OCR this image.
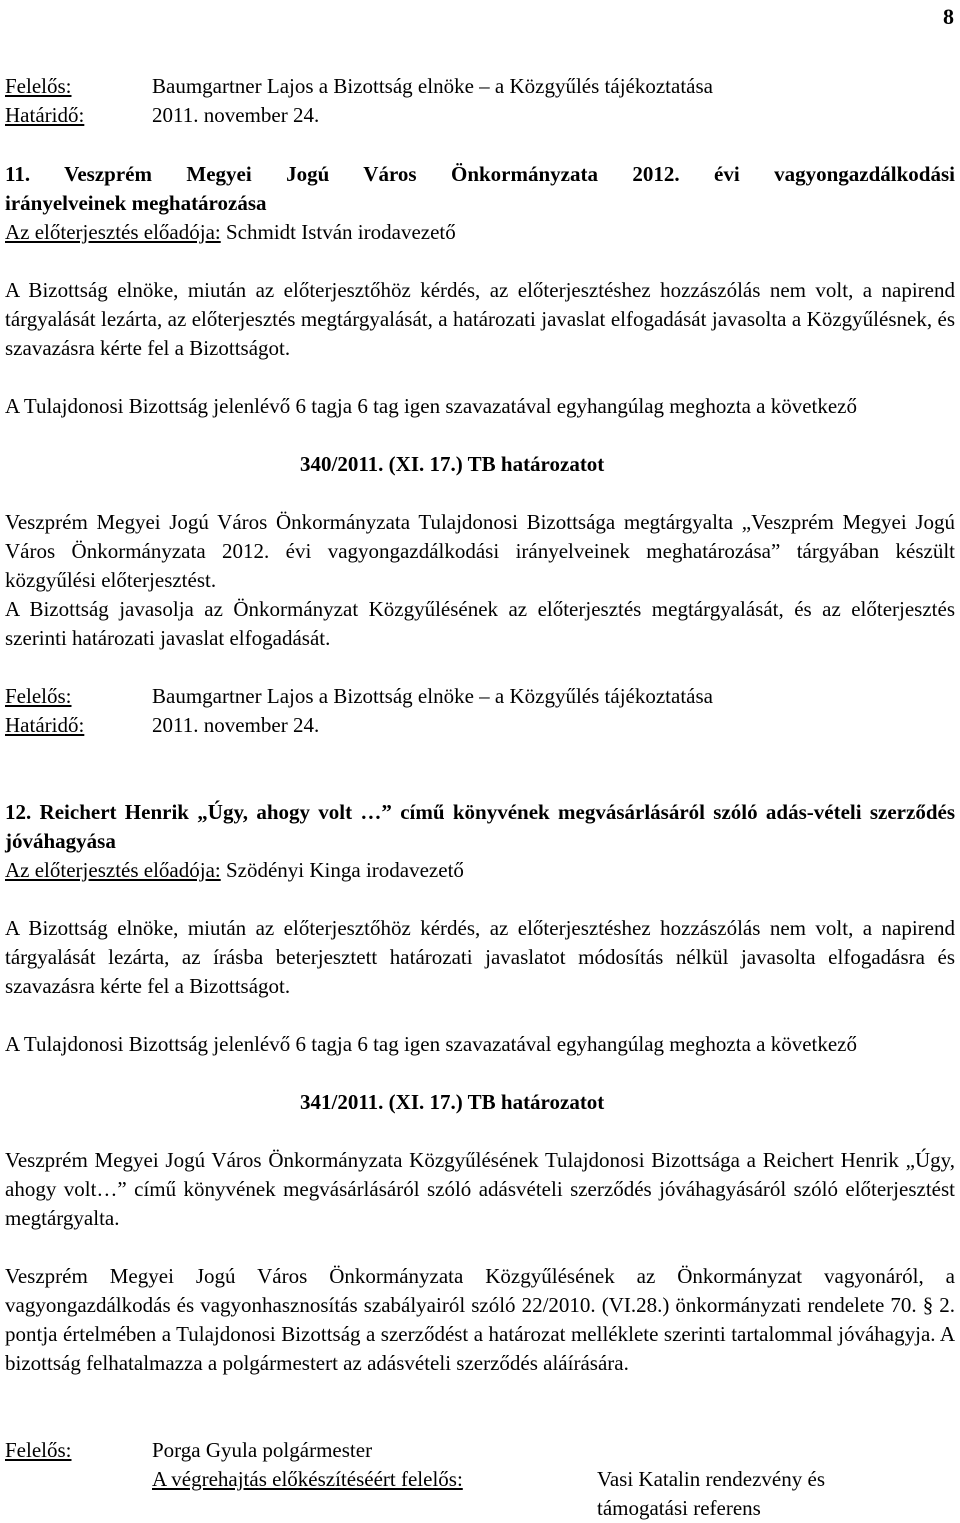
8
Felelős:	Baumgartner Lajos a Bizottság elnöke – a Közgyűlés tájékoztatása
Határidő:	2011. november 24.
11. Veszprém Megyei Jogú Város Önkormányzata 2012. évi vagyongazdálkodási
irányelveinek meghatározása
Az előterjesztés előadója: Schmidt István irodavezető
A Bizottság elnöke, miután az előterjesztőhöz kérdés, az előterjesztéshez hozzászólás nem volt, a napirend tárgyalását lezárta, az előterjesztés megtárgyalását, a határozati javaslat elfogadását javasolta a Közgyűlésnek, és szavazásra kérte fel a Bizottságot.
A Tulajdonosi Bizottság jelenlévő 6 tagja 6 tag igen szavazatával egyhangúlag meghozta a következő
340/2011. (XI. 17.) TB határozatot
Veszprém Megyei Jogú Város Önkormányzata Tulajdonosi Bizottsága megtárgyalta „Veszprém Megyei Jogú Város Önkormányzata 2012. évi vagyongazdálkodási irányelveinek meghatározása” tárgyában készült közgyűlési előterjesztést.
A Bizottság javasolja az Önkormányzat Közgyűlésének az előterjesztés megtárgyalását, és az előterjesztés szerinti határozati javaslat elfogadását.
Felelős:	Baumgartner Lajos a Bizottság elnöke – a Közgyűlés tájékoztatása
Határidő:	2011. november 24.
12. Reichert Henrik „Úgy, ahogy volt …” című könyvének megvásárlásáról szóló adás-vételi szerződés jóváhagyása
Az előterjesztés előadója: Szödényi Kinga irodavezető
A Bizottság elnöke, miután az előterjesztőhöz kérdés, az előterjesztéshez hozzászólás nem volt, a napirend tárgyalását lezárta, az írásba beterjesztett határozati javaslatot módosítás nélkül javasolta elfogadásra és szavazásra kérte fel a Bizottságot.
A Tulajdonosi Bizottság jelenlévő 6 tagja 6 tag igen szavazatával egyhangúlag meghozta a következő
341/2011. (XI. 17.) TB határozatot
Veszprém Megyei Jogú Város Önkormányzata Közgyűlésének Tulajdonosi Bizottsága a Reichert Henrik „Úgy, ahogy volt…” című könyvének megvásárlásáról szóló adásvételi szerződés jóváhagyásáról szóló előterjesztést megtárgyalta.
Veszprém Megyei Jogú Város Önkormányzata Közgyűlésének az Önkormányzat vagyonáról, a vagyongazdálkodás és vagyonhasznosítás szabályairól szóló 22/2010. (VI.28.) önkormányzati rendelete 70. § 2. pontja értelmében a Tulajdonosi Bizottság a szerződést a határozat melléklete szerinti tartalommal jóváhagyja. A bizottság felhatalmazza a polgármestert az adásvételi szerződés aláírására.
Felelős:	Porga Gyula polgármester
A végrehajtás előkészítéséért felelős:	Vasi Katalin rendezvény és
támogatási referens
